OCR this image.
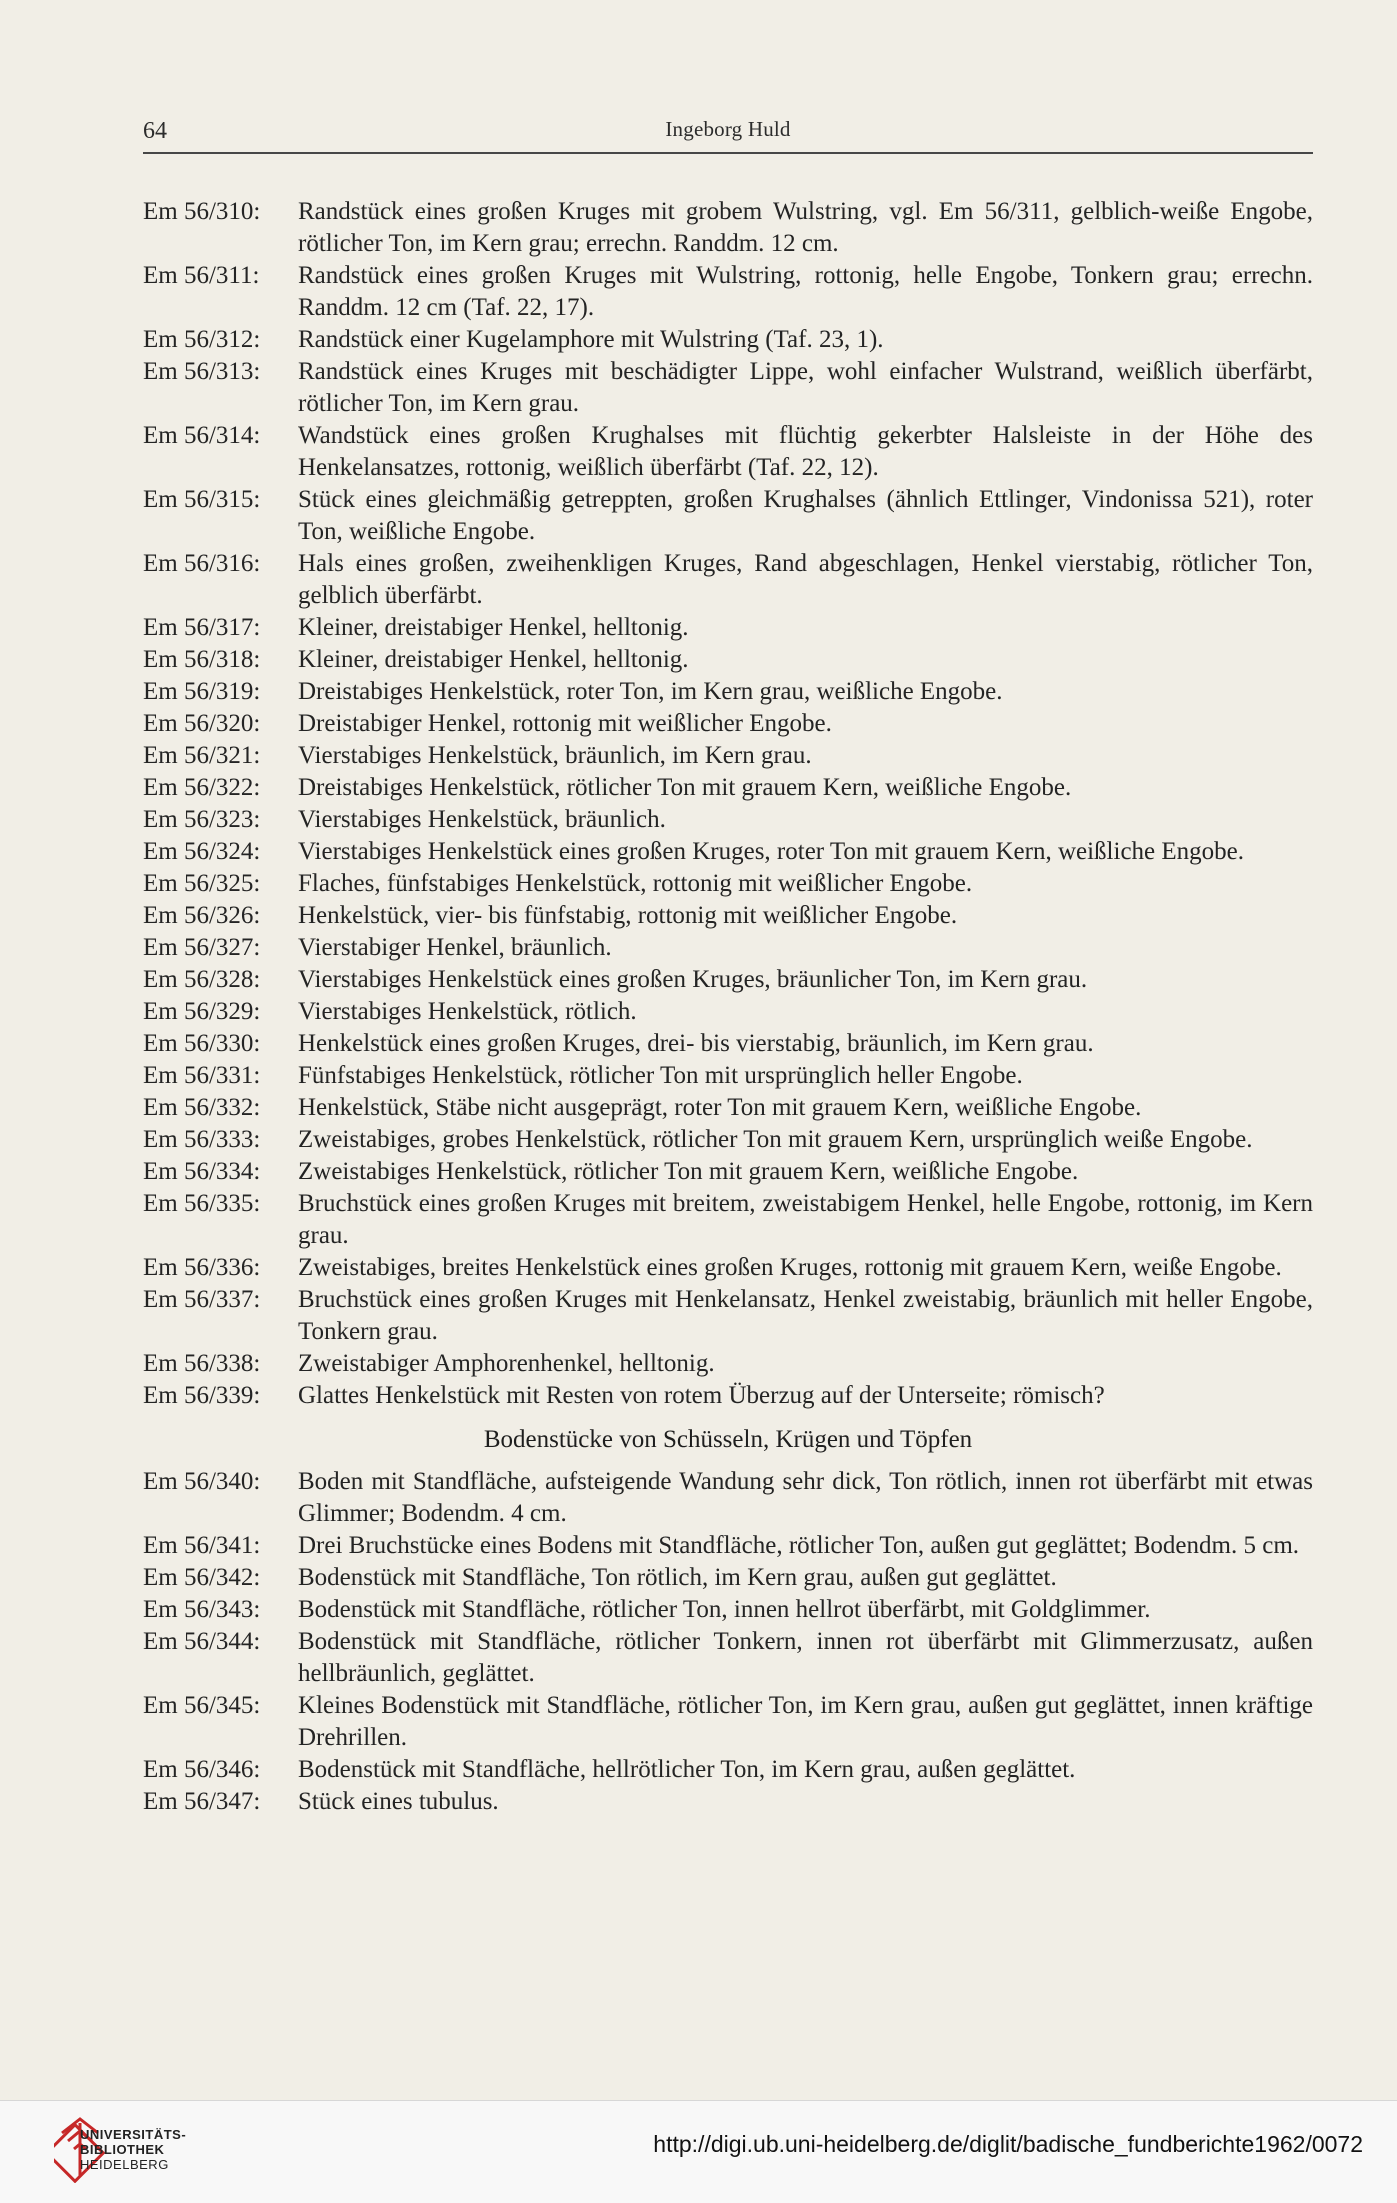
64	Ingeborg Huld
Em 56/310:	Randstück eines großen Kruges mit grobem Wulstring, vgl. Em 56/311, gelblich-weiße Engobe, rötlicher Ton, im Kern grau; errechn. Randdm. 12 cm.
Em 56/311:	Randstück eines großen Kruges mit Wulstring, rottonig, helle Engobe, Tonkern grau; errechn. Randdm. 12 cm (Taf. 22, 17).
Em 56/312:	Randstück einer Kugelamphore mit Wulstring (Taf. 23, 1).
Em 56/313:	Randstück eines Kruges mit beschädigter Lippe, wohl einfacher Wulstrand, weißlich überfärbt, rötlicher Ton, im Kern grau.
Em 56/314:	Wandstück eines großen Krughalses mit flüchtig gekerbter Halsleiste in der Höhe des Henkelansatzes, rottonig, weißlich überfärbt (Taf. 22, 12).
Em 56/315:	Stück eines gleichmäßig getreppten, großen Krughalses (ähnlich Ettlinger, Vindonissa 521), roter Ton, weißliche Engobe.
Em 56/316:	Hals eines großen, zweihenkligen Kruges, Rand abgeschlagen, Henkel vierstabig, rötlicher Ton, gelblich überfärbt.
Em 56/317:	Kleiner, dreistabiger Henkel, helltonig.
Em 56/318:	Kleiner, dreistabiger Henkel, helltonig.
Em 56/319:	Dreistabiges Henkelstück, roter Ton, im Kern grau, weißliche Engobe.
Em 56/320:	Dreistabiger Henkel, rottonig mit weißlicher Engobe.
Em 56/321:	Vierstabiges Henkelstück, bräunlich, im Kern grau.
Em 56/322:	Dreistabiges Henkelstück, rötlicher Ton mit grauem Kern, weißliche Engobe.
Em 56/323:	Vierstabiges Henkelstück, bräunlich.
Em 56/324:	Vierstabiges Henkelstück eines großen Kruges, roter Ton mit grauem Kern, weißliche Engobe.
Em 56/325:	Flaches, fünfstabiges Henkelstück, rottonig mit weißlicher Engobe.
Em 56/326:	Henkelstück, vier- bis fünfstabig, rottonig mit weißlicher Engobe.
Em 56/327:	Vierstabiger Henkel, bräunlich.
Em 56/328:	Vierstabiges Henkelstück eines großen Kruges, bräunlicher Ton, im Kern grau.
Em 56/329:	Vierstabiges Henkelstück, rötlich.
Em 56/330:	Henkelstück eines großen Kruges, drei- bis vierstabig, bräunlich, im Kern grau.
Em 56/331:	Fünfstabiges Henkelstück, rötlicher Ton mit ursprünglich heller Engobe.
Em 56/332:	Henkelstück, Stäbe nicht ausgeprägt, roter Ton mit grauem Kern, weißliche Engobe.
Em 56/333:	Zweistabiges, grobes Henkelstück, rötlicher Ton mit grauem Kern, ursprünglich weiße Engobe.
Em 56/334:	Zweistabiges Henkelstück, rötlicher Ton mit grauem Kern, weißliche Engobe.
Em 56/335:	Bruchstück eines großen Kruges mit breitem, zweistabigem Henkel, helle Engobe, rottonig, im Kern grau.
Em 56/336:	Zweistabiges, breites Henkelstück eines großen Kruges, rottonig mit grauem Kern, weiße Engobe.
Em 56/337:	Bruchstück eines großen Kruges mit Henkelansatz, Henkel zweistabig, bräunlich mit heller Engobe, Tonkern grau.
Em 56/338:	Zweistabiger Amphorenhenkel, helltonig.
Em 56/339:	Glattes Henkelstück mit Resten von rotem Überzug auf der Unterseite; römisch?
Bodenstücke von Schüsseln, Krügen und Töpfen
Em 56/340:	Boden mit Standfläche, aufsteigende Wandung sehr dick, Ton rötlich, innen rot überfärbt mit etwas Glimmer; Bodendm. 4 cm.
Em 56/341:	Drei Bruchstücke eines Bodens mit Standfläche, rötlicher Ton, außen gut geglättet; Bodendm. 5 cm.
Em 56/342:	Bodenstück mit Standfläche, Ton rötlich, im Kern grau, außen gut geglättet.
Em 56/343:	Bodenstück mit Standfläche, rötlicher Ton, innen hellrot überfärbt, mit Goldglimmer.
Em 56/344:	Bodenstück mit Standfläche, rötlicher Tonkern, innen rot überfärbt mit Glimmerzusatz, außen hellbräunlich, geglättet.
Em 56/345:	Kleines Bodenstück mit Standfläche, rötlicher Ton, im Kern grau, außen gut geglättet, innen kräftige Drehrillen.
Em 56/346:	Bodenstück mit Standfläche, hellrötlicher Ton, im Kern grau, außen geglättet.
Em 56/347:	Stück eines tubulus.
UNIVERSITÄTS-
BIBLIOTHEK
HEIDELBERG
http://digi.ub.uni-heidelberg.de/diglit/badische_fundberichte1962/0072
